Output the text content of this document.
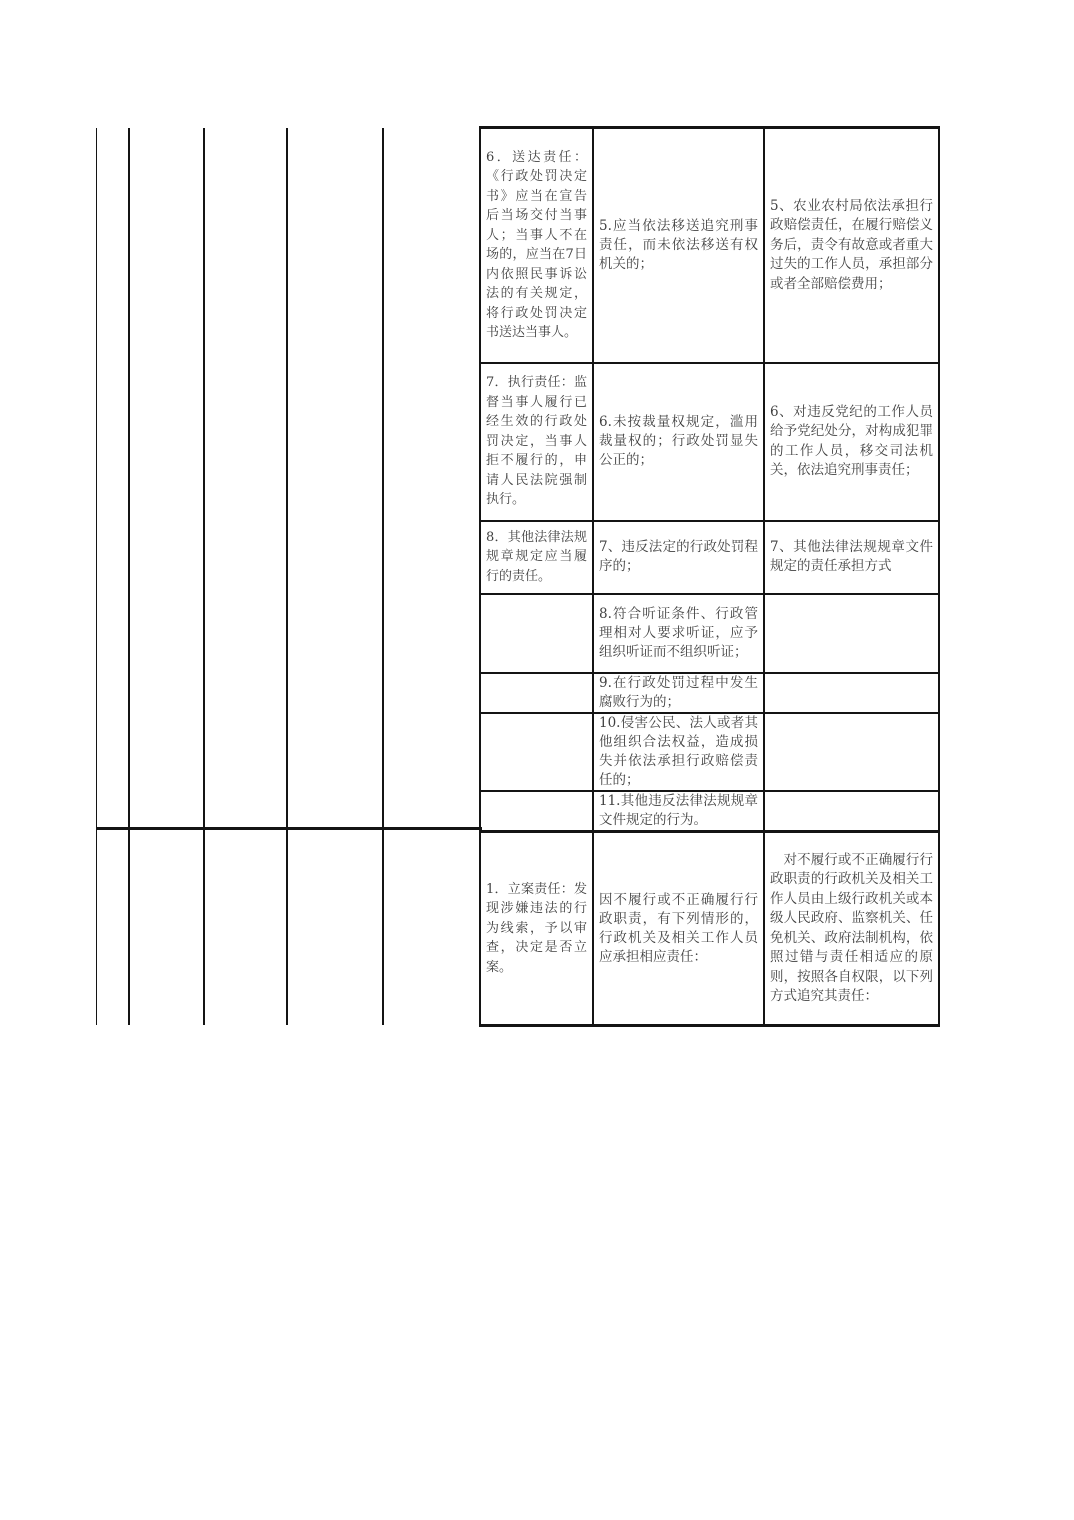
6．送达责任：《行政处罚决定书》应当在宣告后当场交付当事人；当事人不在场的，应当在7日内依照民事诉讼法的有关规定，将行政处罚决定书送达当事人。	5.应当依法移送追究刑事责任，而未依法移送有权机关的；	5、农业农村局依法承担行政赔偿责任，在履行赔偿义务后，责令有故意或者重大过失的工作人员，承担部分或者全部赔偿费用；
7．执行责任：监督当事人履行已经生效的行政处罚决定，当事人拒不履行的，申请人民法院强制执行。	6.未按裁量权规定，滥用裁量权的；行政处罚显失公正的；	6、对违反党纪的工作人员给予党纪处分，对构成犯罪的工作人员，移交司法机关，依法追究刑事责任；
8．其他法律法规规章规定应当履行的责任。	7、违反法定的行政处罚程序的；	7、其他法律法规规章文件规定的责任承担方式
	8.符合听证条件、行政管理相对人要求听证，应予组织听证而不组织听证；	
	9.在行政处罚过程中发生腐败行为的；	
	10.侵害公民、法人或者其他组织合法权益，造成损失并依法承担行政赔偿责任的；	
	11.其他违反法律法规规章文件规定的行为。	
1．立案责任：发现涉嫌违法的行为线索，予以审查，决定是否立案。	因不履行或不正确履行行政职责，有下列情形的，行政机关及相关工作人员应承担相应责任：	对不履行或不正确履行行政职责的行政机关及相关工作人员由上级行政机关或本级人民政府、监察机关、任免机关、政府法制机构，依照过错与责任相适应的原则，按照各自权限，以下列方式追究其责任：
